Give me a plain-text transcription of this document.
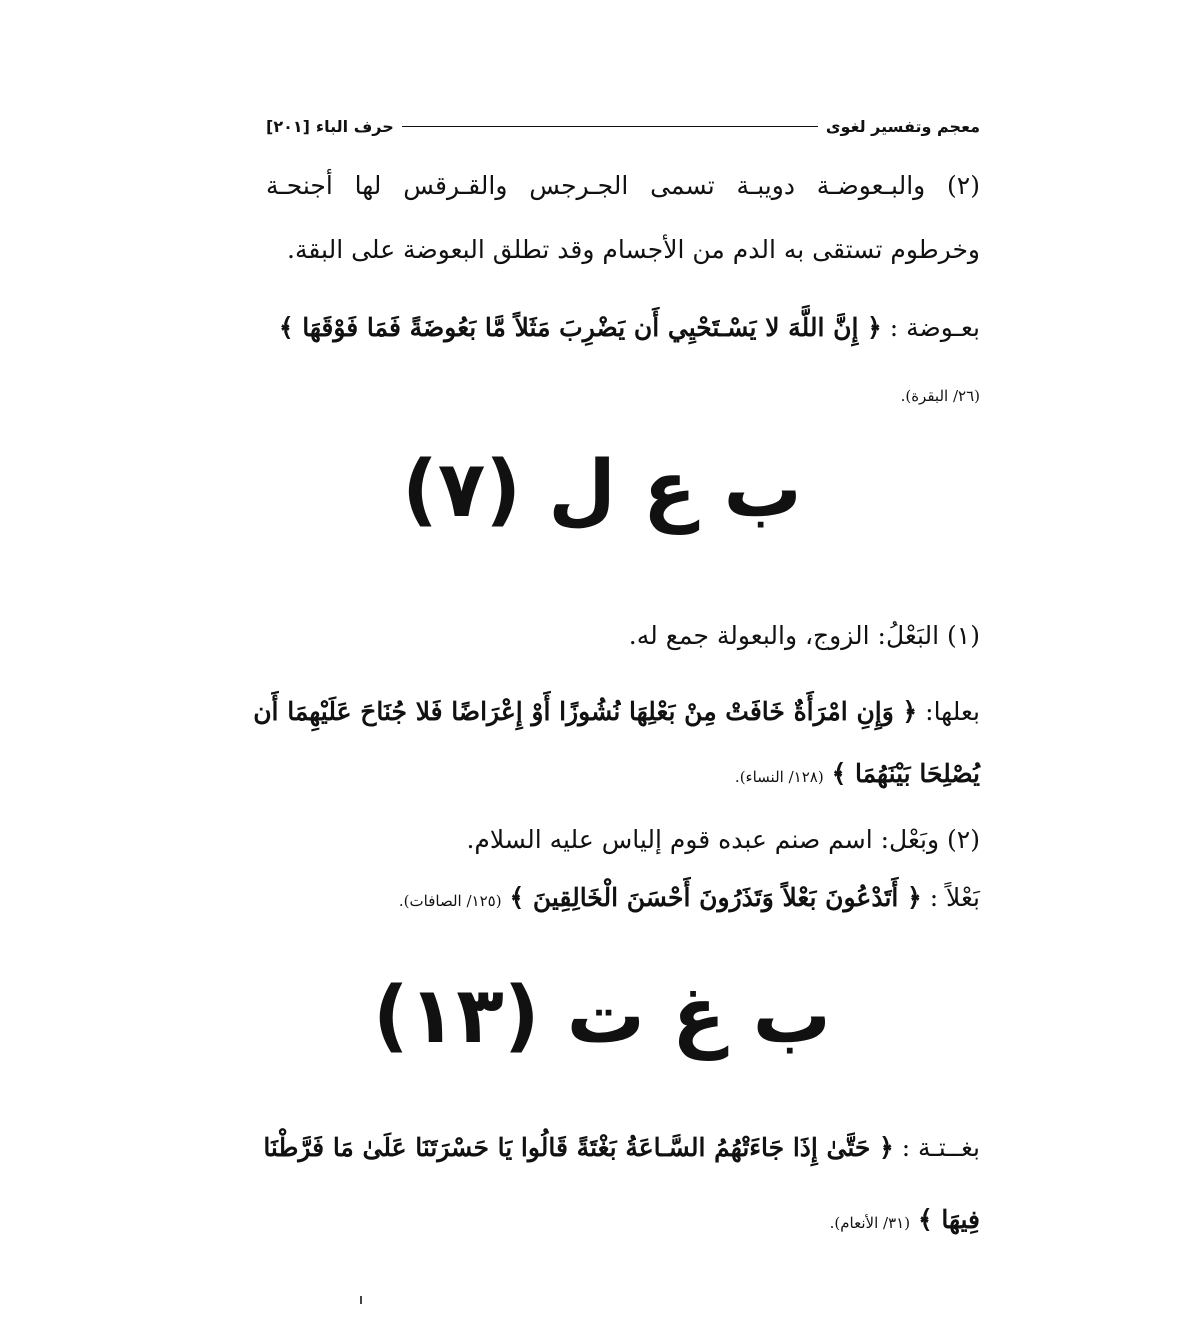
معجم وتفسير لغوى
حرف الباء
[٢٠١]
(٢) والبـعوضـة دويبـة تسمى الجـرجس والقـرقس لها أجنحـة
وخرطوم تستقى به الدم من الأجسام وقد تطلق البعوضة على البقة.
بعـوضة : ﴿ إِنَّ اللَّهَ لا يَسْـتَحْيِي أَن يَضْرِبَ مَثَلاً مَّا بَعُوضَةً فَمَا فَوْقَهَا ﴾
(٢٦/ البقرة).
ب ع ل (٧)
(١) البَعْلُ: الزوج، والبعولة جمع له.
بعلها: ﴿ وَإِنِ امْرَأَةٌ خَافَتْ مِنْ بَعْلِهَا نُشُوزًا أَوْ إِعْرَاضًا فَلا جُنَاحَ عَلَيْهِمَا أَن
يُصْلِحَا بَيْنَهُمَا ﴾ (١٢٨/ النساء).
(٢) وبَعْل: اسم صنم عبده قوم إلياس عليه السلام.
بَعْلاً : ﴿ أَتَدْعُونَ بَعْلاً وَتَذَرُونَ أَحْسَنَ الْخَالِقِينَ ﴾ (١٢٥/ الصافات).
ب غ ت (١٣)
بغــتـة : ﴿ حَتَّىٰ إِذَا جَاءَتْهُمُ السَّـاعَةُ بَغْتَةً قَالُوا يَا حَسْرَتَنَا عَلَىٰ مَا فَرَّطْنَا
فِيهَا ﴾ (٣١/ الأنعام).
